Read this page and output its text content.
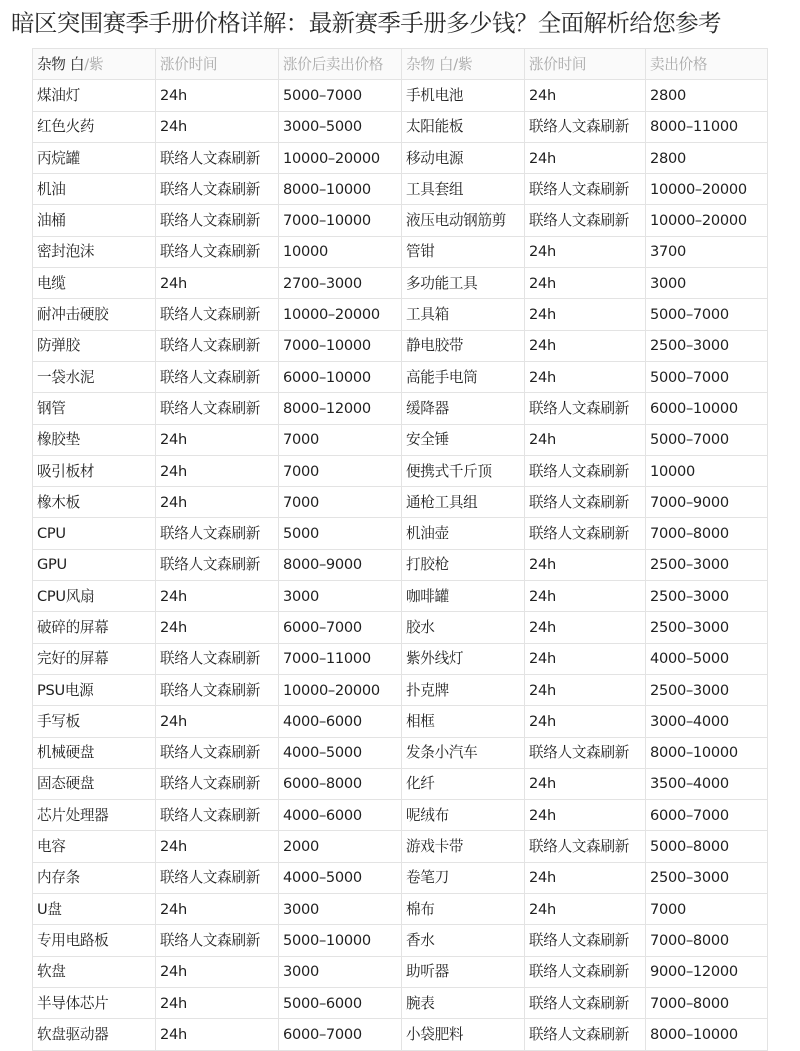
暗区突围赛季手册价格详解：最新赛季手册多少钱？全面解析给您参考
杂物 白/紫	涨价时间	涨价后卖出价格	杂物 白/紫	涨价时间	卖出价格
煤油灯	24h	5000–7000	手机电池	24h	2800
红色火药	24h	3000–5000	太阳能板	联络人文森刷新	8000–11000
丙烷罐	联络人文森刷新	10000–20000	移动电源	24h	2800
机油	联络人文森刷新	8000–10000	工具套组	联络人文森刷新	10000–20000
油桶	联络人文森刷新	7000–10000	液压电动钢筋剪	联络人文森刷新	10000–20000
密封泡沫	联络人文森刷新	10000	管钳	24h	3700
电缆	24h	2700–3000	多功能工具	24h	3000
耐冲击硬胶	联络人文森刷新	10000–20000	工具箱	24h	5000–7000
防弹胶	联络人文森刷新	7000–10000	静电胶带	24h	2500–3000
一袋水泥	联络人文森刷新	6000–10000	高能手电筒	24h	5000–7000
钢管	联络人文森刷新	8000–12000	缓降器	联络人文森刷新	6000–10000
橡胶垫	24h	7000	安全锤	24h	5000–7000
吸引板材	24h	7000	便携式千斤顶	联络人文森刷新	10000
橡木板	24h	7000	通枪工具组	联络人文森刷新	7000–9000
CPU	联络人文森刷新	5000	机油壶	联络人文森刷新	7000–8000
GPU	联络人文森刷新	8000–9000	打胶枪	24h	2500–3000
CPU风扇	24h	3000	咖啡罐	24h	2500–3000
破碎的屏幕	24h	6000–7000	胶水	24h	2500–3000
完好的屏幕	联络人文森刷新	7000–11000	紫外线灯	24h	4000–5000
PSU电源	联络人文森刷新	10000–20000	扑克牌	24h	2500–3000
手写板	24h	4000–6000	相框	24h	3000–4000
机械硬盘	联络人文森刷新	4000–5000	发条小汽车	联络人文森刷新	8000–10000
固态硬盘	联络人文森刷新	6000–8000	化纤	24h	3500–4000
芯片处理器	联络人文森刷新	4000–6000	呢绒布	24h	6000–7000
电容	24h	2000	游戏卡带	联络人文森刷新	5000–8000
内存条	联络人文森刷新	4000–5000	卷笔刀	24h	2500–3000
U盘	24h	3000	棉布	24h	7000
专用电路板	联络人文森刷新	5000–10000	香水	联络人文森刷新	7000–8000
软盘	24h	3000	助听器	联络人文森刷新	9000–12000
半导体芯片	24h	5000–6000	腕表	联络人文森刷新	7000–8000
软盘驱动器	24h	6000–7000	小袋肥料	联络人文森刷新	8000–10000
